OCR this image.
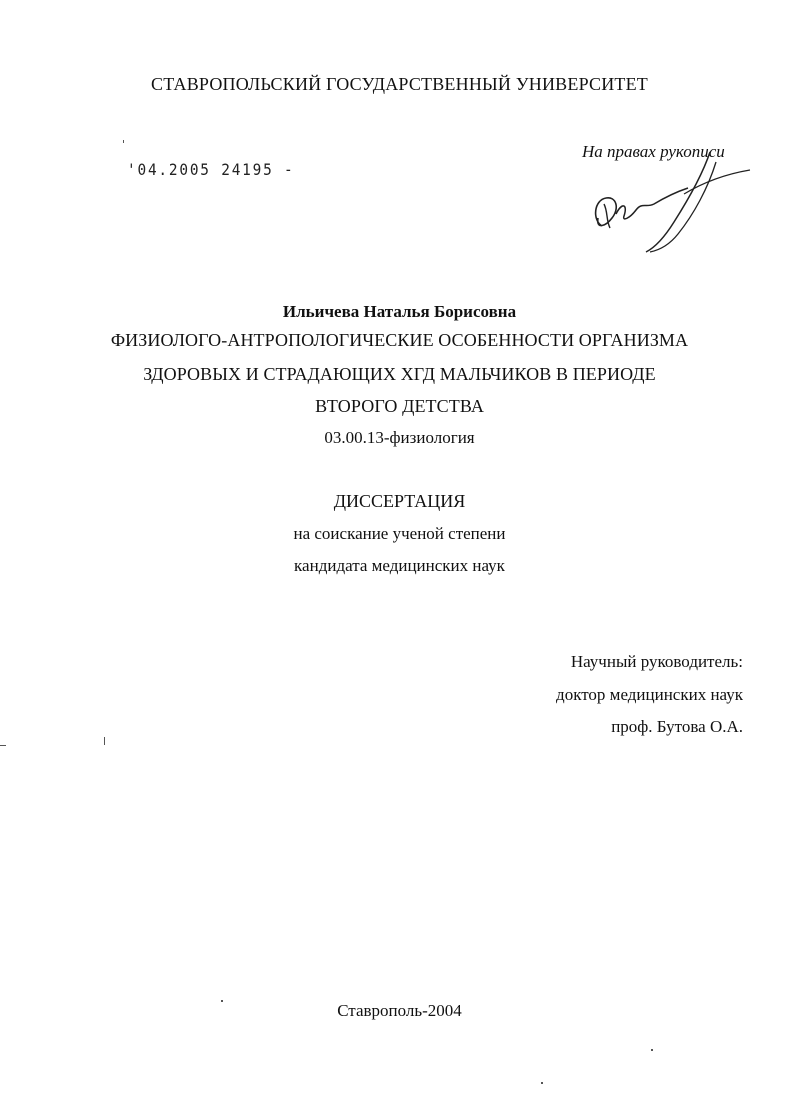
СТАВРОПОЛЬСКИЙ ГОСУДАРСТВЕННЫЙ УНИВЕРСИТЕТ
'04.2005 24195 -
На правах рукописи
Ильичева Наталья Борисовна
ФИЗИОЛОГО-АНТРОПОЛОГИЧЕСКИЕ ОСОБЕННОСТИ ОРГАНИЗМА
ЗДОРОВЫХ И СТРАДАЮЩИХ ХГД МАЛЬЧИКОВ В ПЕРИОДЕ
ВТОРОГО ДЕТСТВА
03.00.13-физиология
ДИССЕРТАЦИЯ
на соискание ученой степени
кандидата медицинских наук
Научный руководитель:
доктор медицинских наук
проф. Бутова О.А.
Ставрополь-2004
